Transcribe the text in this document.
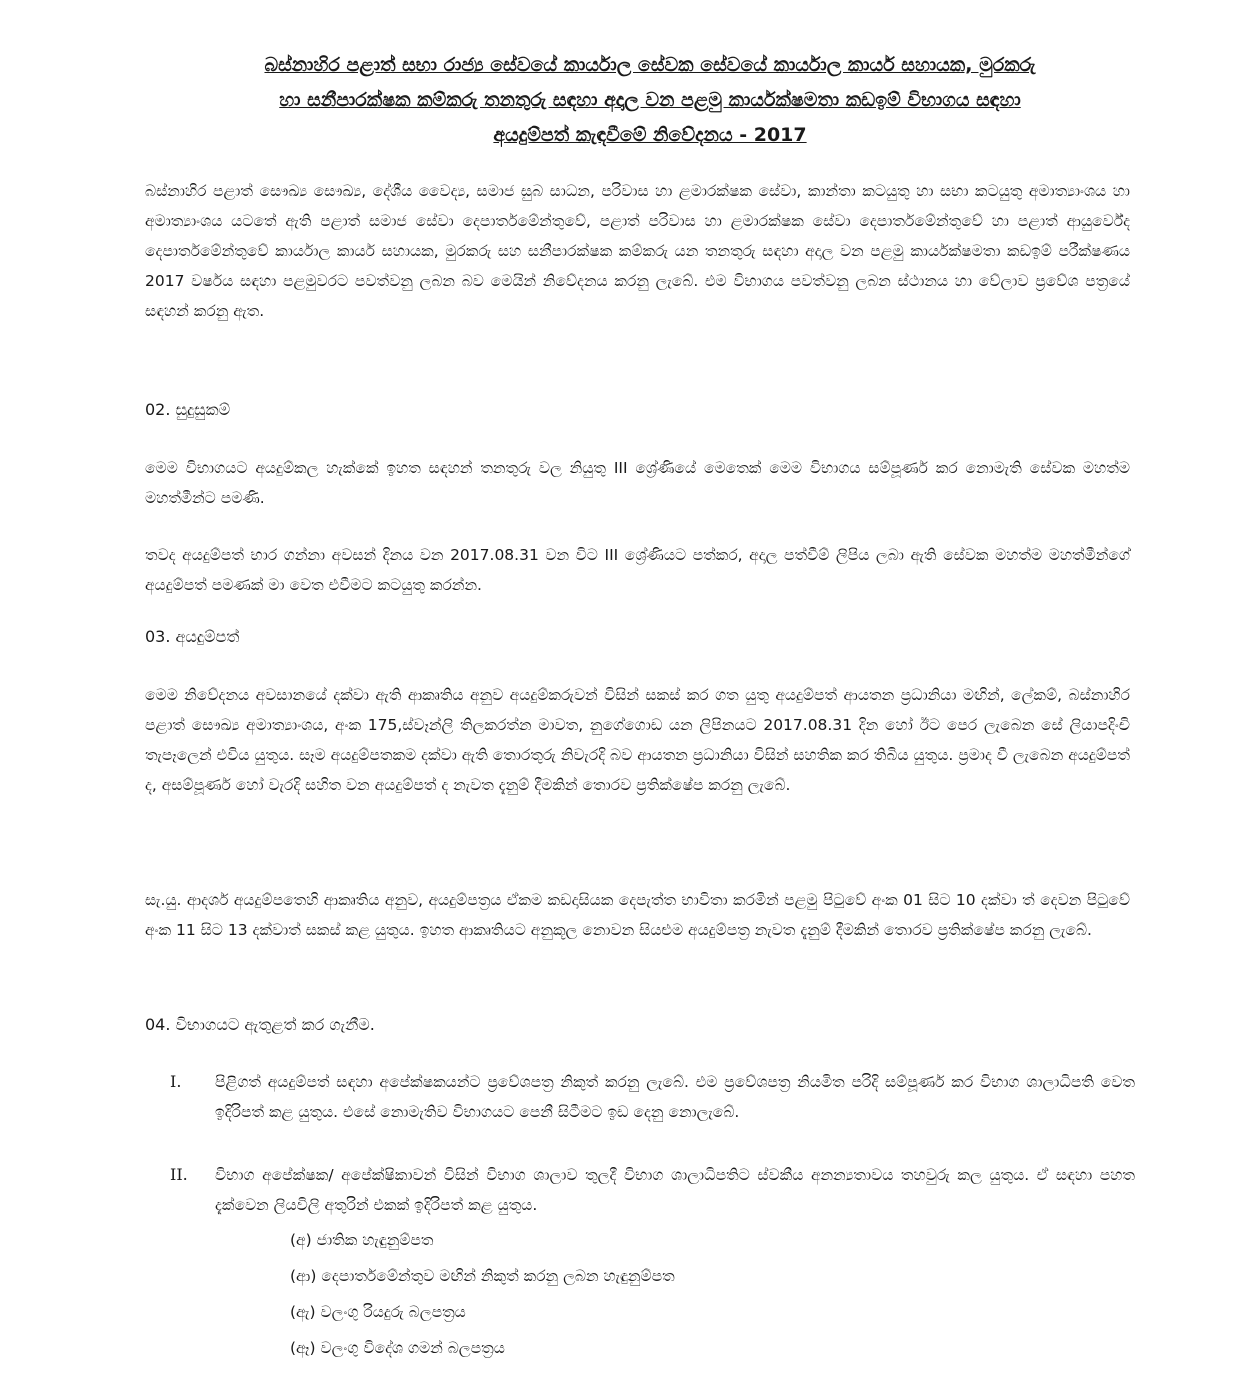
බස්නාහිර පළාත් සභා රාජ්‍ය සේවයේ කාර්යාල සේවක සේවයේ කාර්යාල කාර්ය සහායක, මුරකරු
හා සනීපාරක්ෂක කම්කරු තනතුරු සඳහා අදාල වන පළමු කාර්යක්ෂමතා කඩඉම් විභාගය සඳහා
අයදුම්පත් කැඳවීමේ නිවේදනය - 2017
බස්නාහිර පළාත් සෞඛ්‍ය සෞඛ්‍ය, දේශීය වෛද්‍ය, සමාජ සුබ සාධන, පරිවාස හා ළමාරක්ෂක සේවා, කාන්තා කටයුතු හා සභා කටයුතු අමාත්‍යාංශය හා අමාත්‍යාංශය යටතේ ඇති පළාත් සමාජ සේවා දෙපාර්තමේන්තුවේ, පළාත් පරිවාස හා ළමාරක්ෂක සේවා දෙපාර්තමේන්තුවේ හා පළාත් ආයුර්වේද දෙපාර්තමේන්තුවේ කාර්යාල කාර්ය සහායක, මුරකරු සහ සනීපාරක්ෂක කම්කරු යන තනතුරු සඳහා අදාල වන පළමු කාර්යක්ෂමතා කඩඉම් පරීක්ෂණය 2017 වර්ෂය සඳහා පළමුවරට පවත්වනු ලබන බව මෙයින් නිවේදනය කරනු ලැබේ. එම විභාගය පවත්වනු ලබන ස්ථානය හා වේලාව ප්‍රවේශ පත්‍රයේ සඳහන් කරනු ඇත.
02. සුදුසුකම්
මෙම විභාගයට අයදුම්කල හැක්කේ ඉහත සඳහන් තනතුරු වල නියුතු III ශ්‍රේණියේ මෙතෙක් මෙම විභාගය සම්පූර්ණ කර නොමැති සේවක මහත්ම මහත්මීන්ට පමණි.
තවද අයදුම්පත් භාර ගන්නා අවසන් දිනය වන 2017.08.31 වන විට III ශ්‍රේණියට පත්කර, අදාල පත්වීම් ලිපිය ලබා ඇති සේවක මහත්ම මහත්මීන්ගේ අයදුම්පත් පමණක් මා වෙත එවීමට කටයුතු කරන්න.
03. අයදුම්පත්
මෙම නිවේදනය අවසානයේ දක්වා ඇති ආකෘතිය අනුව අයදුම්කරුවන් විසින් සකස් කර ගත යුතු අයදුම්පත් ආයතන ප්‍රධානියා මඟින්, ලේකම්, බස්නාහිර පළාත් සෞඛ්‍ය අමාත්‍යාංශය, අංක 175,ස්වෑන්ලි තිලකරත්න මාවත, නුගේගොඩ යන ලිපිනයට 2017.08.31 දින හෝ ඊට පෙර ලැබෙන සේ ලියාපදිංචි තැපෑලෙන් එවිය යුතුය. සෑම අයදුම්පතකම දක්වා ඇති තොරතුරු නිවැරදි බව ආයතන ප්‍රධානියා විසින් සහතික කර තිබිය යුතුය. ප්‍රමාද වී ලැබෙන අයදුම්පත් ද, අසම්පූර්ණ හෝ වැරදි සහිත වන අයදුම්පත් ද නැවත දැනුම් දීමකින් තොරව ප්‍රතික්ෂේප කරනු ලැබේ.
සැ.යු. ආදර්ශ අයදුම්පතෙහි ආකෘතිය අනුව, අයදුම්පත්‍රය ඒකම කඩදාසියක දෙපැත්ත භාවිතා කරමින් පළමු පිටුවේ අංක 01 සිට 10 දක්වා ත් දෙවන පිටුවේ අංක 11 සිට 13 දක්වාත් සකස් කළ යුතුය. ඉහත ආකෘතියට අනුකූල නොවන සියළුම අයදුම්පත්‍ර නැවත දැනුම් දීමකින් තොරව ප්‍රතික්ෂේප කරනු ලැබේ.
04. විභාගයට ඇතුළත් කර ගැනීම.
I.	පිළිගත් අයදුම්පත් සඳහා අපේක්ෂකයන්ට ප්‍රවේශපත්‍ර නිකුත් කරනු ලැබේ. එම ප්‍රවේශපත්‍ර නියමිත පරිදි සම්පූර්ණ කර විභාග ශාලාධිපති වෙත ඉදිරිපත් කළ යුතුය. එසේ නොමැතිව විභාගයට පෙනී සිටීමට ඉඩ දෙනු නොලැබේ.
II.	විභාග අපේක්ෂක/ අපේක්ෂිකාවන් විසින් විභාග ශාලාව තුලදී විභාග ශාලාධිපතිට ස්වකීය අනන්‍යතාවය තහවුරු කල යුතුය. ඒ සඳහා පහත දැක්වෙන ලියවිලි අතුරින් එකක් ඉදිරිපත් කළ යුතුය.
(අ) ජාතික හැඳුනුම්පත
(ආ) දෙපාර්තමේන්තුව මඟින් නිකුත් කරනු ලබන හැඳුනුම්පත
(ඇ) වලංගු රියදුරු බලපත්‍රය
(ඈ) වලංගු විදේශ ගමන් බලපත්‍රය
